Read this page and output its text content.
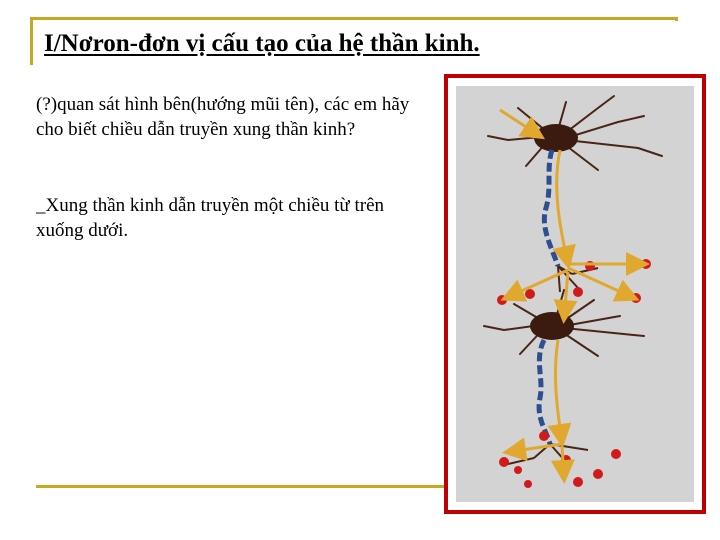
I/Nơron-đơn vị cấu tạo của hệ thần kinh.
(?)quan sát hình bên(hướng mũi tên), các em hãy cho biết chiều dẫn truyền xung thần kinh?
_Xung thần kinh dẫn truyền một chiều từ trên xuống dưới.
